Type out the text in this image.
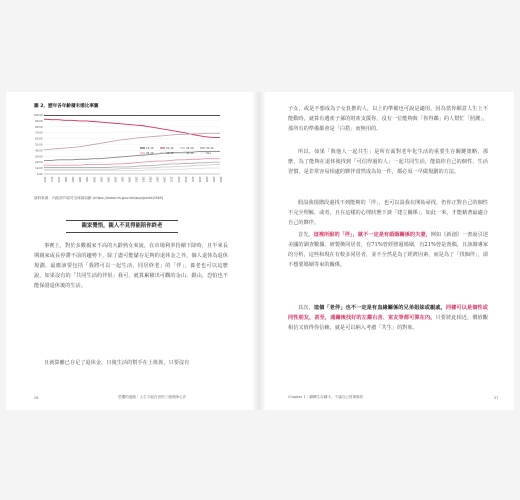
圖 2，歷年各年齡層未婚比率圖
0.00
10.00
20.00
30.00
40.00
50.00
60.00
70.00
80.00
90.00
100.00
1975 1977 1979 1981 1983 1985 1987 1989 1991 1993 1995 1997 1999 2001 2003 2005 2007 2009 2011 2013 2015 2017 2019 2021 2023 2024
15-19	20-24	25-29	30-34
35-39	40-44	45-49	50+
資料來源：內政部戶政司全球資訊網 (https://www.ris.gov.tw/app/portal/346)
親家覺悟，親人不見得能陪你終老

事實上，對於多數親家不高的大齡熟女來說，在市場利率持續下降時，且半來長期親家或長停滯不前的趨勢下，除了盡可能儲存足夠的退休金之外，個人退休為退休規劃，最應該要包括「我將可以一起生活、同居終老」的「伴」，養老也可以這麼說，如果沒有的「共同生活的伴侶」我可，就算累積出可觀的金山、銀山，恐怕也不能保證退休後的生活。

且就算雖已存足了退休金，日後生活的幫手在上班族，只要沒有

26	恐懼的風險｜人生不能在世的三個保障心法

子女，或是不想成為子女負擔的人，以上的準備也可說是適用。因為當你願意人生上不能動時，就算有遺產子孫的財產支援你，沒有一位能夠與「你得鄰」的人幫忙「照護」，那所有的準備都會是「白搭」而無用的。

所以，如果「與他人一起共生」是所有面對老年化生活的重要生存關鍵策略，那麼，為了能夠在退休後找到「可信得過的人」一起共同生活，能搞你自己的個性、生活習慣，是非常容易相處的夥伴當然成為每一件，都必須一早做規劃的方法。

假設我現階段還找不到能夠的「伴」，也可以設我在開始尋找，仍你正對自己的個性不完全理解，或者，且在這樣的心理狀態下談「建立關係」，如此一來，才能藉著最適合自己的夥伴。

首先，這裡所說的「伴」，就不一定是有婚姻關係的夫妻，例如《新創》一書說引述美國的調查數據，研製換同居者，有71%曾經戀過婚姻，有21%曾是喪偶，且該調專家的分析，這些和現在有較多同居者，並不全然是為了經濟因素，而是為了「找個伴」，卻不想要婚姻等束的關係。

其次，這個「老伴」也不一定是有血緣關係的兄弟姐妹或親戚，同樣可以是個性或同性朋友，甚至，通關後找好的左鄰右舍、室友等都可算在內。只要彼此相近，價值觀相仿又值得你信賴，就是可以納入考慮「共生」的對象。

Chapter 1｜翻轉生存翻卡，不讓自己孤單無依	27
